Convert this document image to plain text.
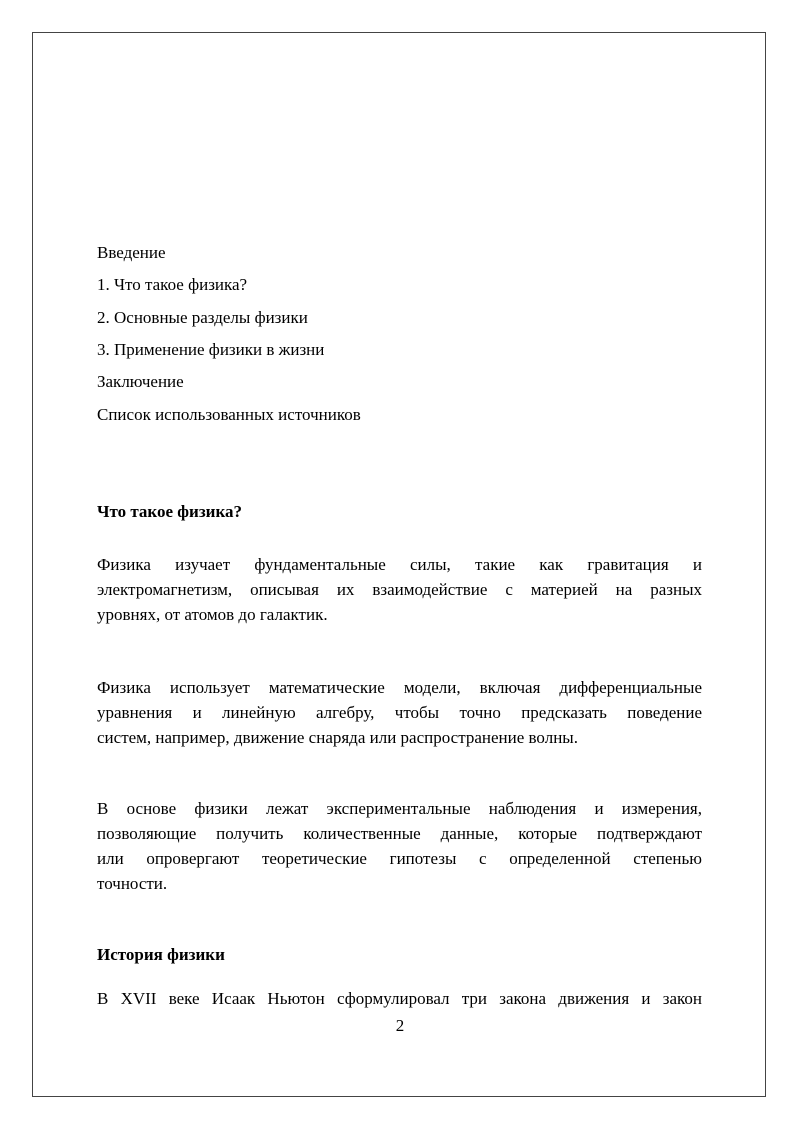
Введение
1. Что такое физика?
2. Основные разделы физики
3. Применение физики в жизни
Заключение
Список использованных источников
Что такое физика?
Физика изучает фундаментальные силы, такие как гравитация и
электромагнетизм, описывая их взаимодействие с материей на разных
уровнях, от атомов до галактик.
Физика использует математические модели, включая дифференциальные
уравнения и линейную алгебру, чтобы точно предсказать поведение
систем, например, движение снаряда или распространение волны.
В основе физики лежат экспериментальные наблюдения и измерения,
позволяющие получить количественные данные, которые подтверждают
или опровергают теоретические гипотезы с определенной степенью
точности.
История физики
В XVII веке Исаак Ньютон сформулировал три закона движения и закон
2
